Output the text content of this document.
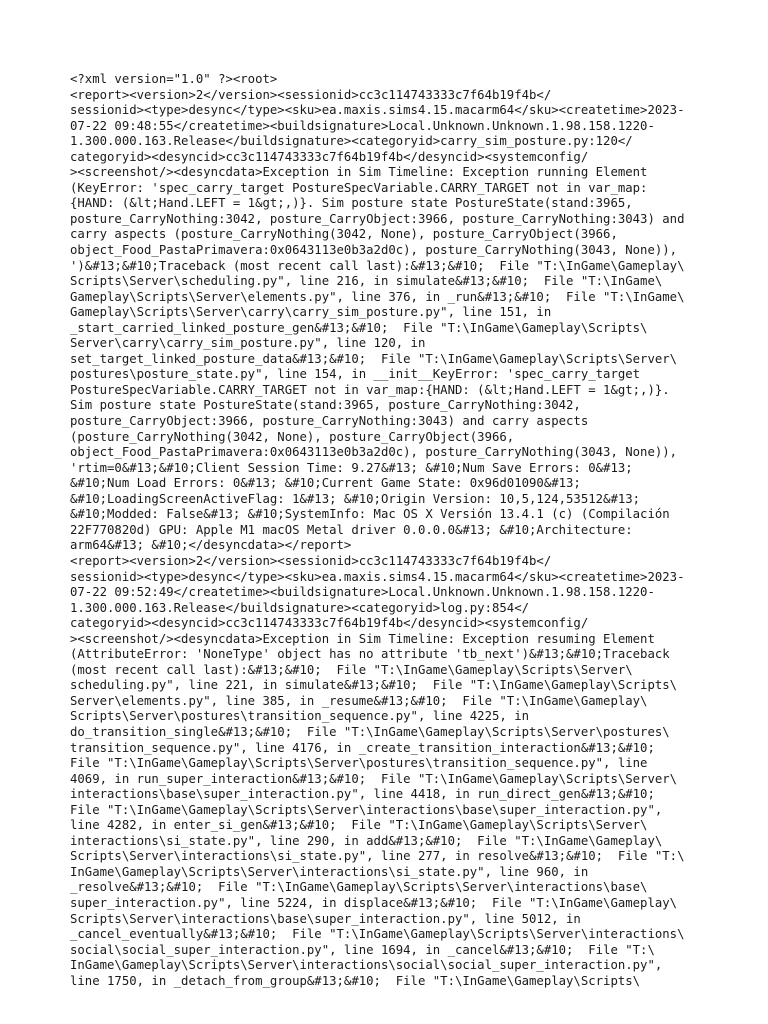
<?xml version="1.0" ?><root>
<report><version>2</version><sessionid>cc3c114743333c7f64b19f4b</
sessionid><type>desync</type><sku>ea.maxis.sims4.15.macarm64</sku><createtime>2023-
07-22 09:48:55</createtime><buildsignature>Local.Unknown.Unknown.1.98.158.1220-
1.300.000.163.Release</buildsignature><categoryid>carry_sim_posture.py:120</
categoryid><desyncid>cc3c114743333c7f64b19f4b</desyncid><systemconfig/
><screenshot/><desyncdata>Exception in Sim Timeline: Exception running Element
(KeyError: 'spec_carry_target PostureSpecVariable.CARRY_TARGET not in var_map:
{HAND: (&lt;Hand.LEFT = 1&gt;,)}. Sim posture state PostureState(stand:3965,
posture_CarryNothing:3042, posture_CarryObject:3966, posture_CarryNothing:3043) and
carry aspects (posture_CarryNothing(3042, None), posture_CarryObject(3966,
object_Food_PastaPrimavera:0x0643113e0b3a2d0c), posture_CarryNothing(3043, None)),
')&#13;&#10;Traceback (most recent call last):&#13;&#10;  File "T:\InGame\Gameplay\
Scripts\Server\scheduling.py", line 216, in simulate&#13;&#10;  File "T:\InGame\
Gameplay\Scripts\Server\elements.py", line 376, in _run&#13;&#10;  File "T:\InGame\
Gameplay\Scripts\Server\carry\carry_sim_posture.py", line 151, in
_start_carried_linked_posture_gen&#13;&#10;  File "T:\InGame\Gameplay\Scripts\
Server\carry\carry_sim_posture.py", line 120, in
set_target_linked_posture_data&#13;&#10;  File "T:\InGame\Gameplay\Scripts\Server\
postures\posture_state.py", line 154, in __init__KeyError: 'spec_carry_target
PostureSpecVariable.CARRY_TARGET not in var_map:{HAND: (&lt;Hand.LEFT = 1&gt;,)}.
Sim posture state PostureState(stand:3965, posture_CarryNothing:3042,
posture_CarryObject:3966, posture_CarryNothing:3043) and carry aspects
(posture_CarryNothing(3042, None), posture_CarryObject(3966,
object_Food_PastaPrimavera:0x0643113e0b3a2d0c), posture_CarryNothing(3043, None)),
'rtim=0&#13;&#10;Client Session Time: 9.27&#13; &#10;Num Save Errors: 0&#13;
&#10;Num Load Errors: 0&#13; &#10;Current Game State: 0x96d01090&#13;
&#10;LoadingScreenActiveFlag: 1&#13; &#10;Origin Version: 10,5,124,53512&#13;
&#10;Modded: False&#13; &#10;SystemInfo: Mac OS X Versión 13.4.1 (c) (Compilación
22F770820d) GPU: Apple M1 macOS Metal driver 0.0.0.0&#13; &#10;Architecture:
arm64&#13; &#10;</desyncdata></report>
<report><version>2</version><sessionid>cc3c114743333c7f64b19f4b</
sessionid><type>desync</type><sku>ea.maxis.sims4.15.macarm64</sku><createtime>2023-
07-22 09:52:49</createtime><buildsignature>Local.Unknown.Unknown.1.98.158.1220-
1.300.000.163.Release</buildsignature><categoryid>log.py:854</
categoryid><desyncid>cc3c114743333c7f64b19f4b</desyncid><systemconfig/
><screenshot/><desyncdata>Exception in Sim Timeline: Exception resuming Element
(AttributeError: 'NoneType' object has no attribute 'tb_next')&#13;&#10;Traceback
(most recent call last):&#13;&#10;  File "T:\InGame\Gameplay\Scripts\Server\
scheduling.py", line 221, in simulate&#13;&#10;  File "T:\InGame\Gameplay\Scripts\
Server\elements.py", line 385, in _resume&#13;&#10;  File "T:\InGame\Gameplay\
Scripts\Server\postures\transition_sequence.py", line 4225, in
do_transition_single&#13;&#10;  File "T:\InGame\Gameplay\Scripts\Server\postures\
transition_sequence.py", line 4176, in _create_transition_interaction&#13;&#10;
File "T:\InGame\Gameplay\Scripts\Server\postures\transition_sequence.py", line
4069, in run_super_interaction&#13;&#10;  File "T:\InGame\Gameplay\Scripts\Server\
interactions\base\super_interaction.py", line 4418, in run_direct_gen&#13;&#10;
File "T:\InGame\Gameplay\Scripts\Server\interactions\base\super_interaction.py",
line 4282, in enter_si_gen&#13;&#10;  File "T:\InGame\Gameplay\Scripts\Server\
interactions\si_state.py", line 290, in add&#13;&#10;  File "T:\InGame\Gameplay\
Scripts\Server\interactions\si_state.py", line 277, in resolve&#13;&#10;  File "T:\
InGame\Gameplay\Scripts\Server\interactions\si_state.py", line 960, in
_resolve&#13;&#10;  File "T:\InGame\Gameplay\Scripts\Server\interactions\base\
super_interaction.py", line 5224, in displace&#13;&#10;  File "T:\InGame\Gameplay\
Scripts\Server\interactions\base\super_interaction.py", line 5012, in
_cancel_eventually&#13;&#10;  File "T:\InGame\Gameplay\Scripts\Server\interactions\
social\social_super_interaction.py", line 1694, in _cancel&#13;&#10;  File "T:\
InGame\Gameplay\Scripts\Server\interactions\social\social_super_interaction.py",
line 1750, in _detach_from_group&#13;&#10;  File "T:\InGame\Gameplay\Scripts\
